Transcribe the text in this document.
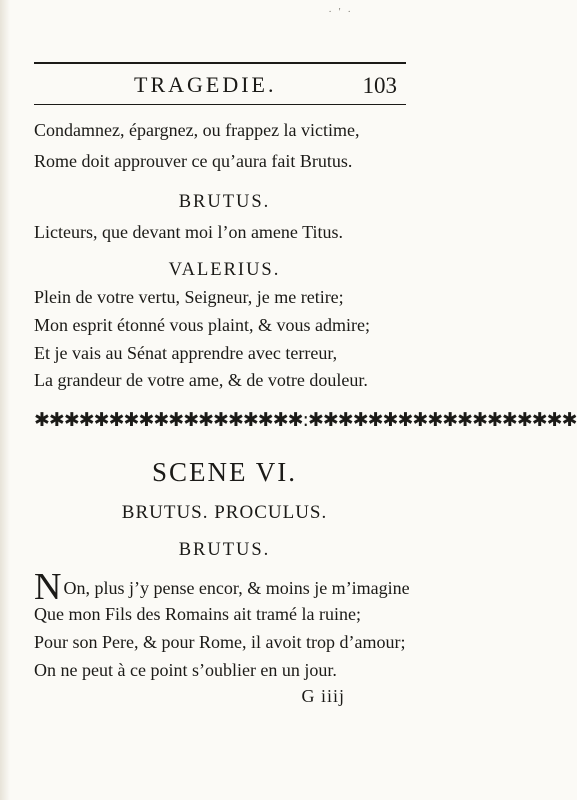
· ' ·
TRAGEDIE.	103
Condamnez, épargnez, ou frappez la victime,
Rome doit approuver ce qu’aura fait Brutus.
BRUTUS.
Licteurs, que devant moi l’on amene Titus.
VALERIUS.
Plein de votre vertu, Seigneur, je me retire;
Mon esprit étonné vous plaint, & vous admire;
Et je vais au Sénat apprendre avec terreur,
La grandeur de votre ame, & de votre douleur.
✱✱✱✱✱✱✱✱✱✱✱✱✱✱✱✱✱✱:✱✱✱✱✱✱✱✱✱✱✱✱✱✱✱✱✱✱
SCENE VI.
BRUTUS. PROCULUS.
BRUTUS.
N On, plus j’y pense encor, & moins je m’imagine
Que mon Fils des Romains ait tramé la ruine;
Pour son Pere, & pour Rome, il avoit trop d’amour;
On ne peut à ce point s’oublier en un jour.
G iiij
